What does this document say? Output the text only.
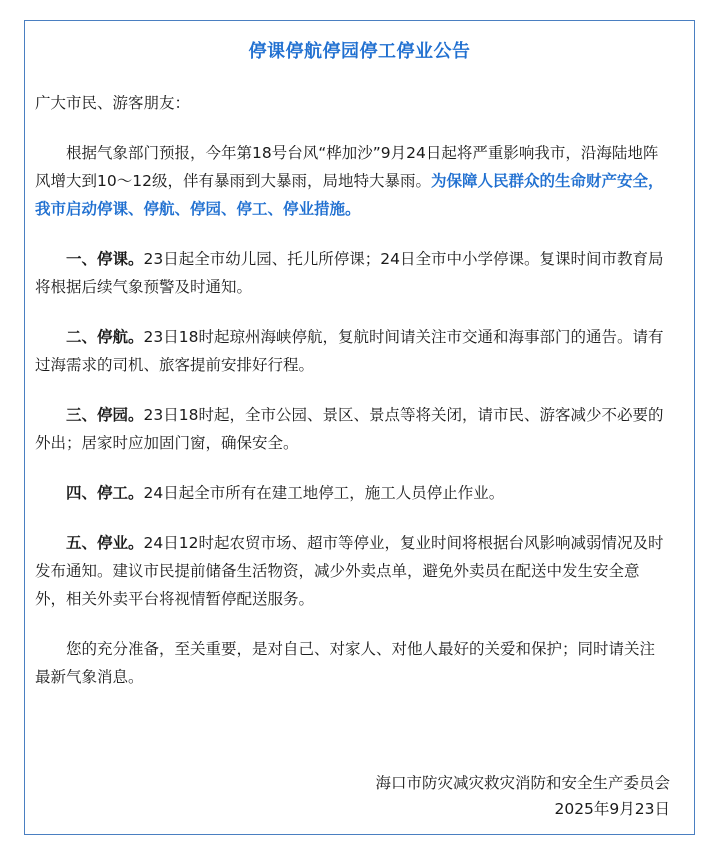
停课停航停园停工停业公告

广大市民、游客朋友：

根据气象部门预报，今年第18号台风“桦加沙”9月24日起将严重影响我市，沿海陆地阵风增大到10～12级，伴有暴雨到大暴雨，局地特大暴雨。为保障人民群众的生命财产安全，我市启动停课、停航、停园、停工、停业措施。

一、停课。23日起全市幼儿园、托儿所停课；24日全市中小学停课。复课时间市教育局将根据后续气象预警及时通知。

二、停航。23日18时起琼州海峡停航，复航时间请关注市交通和海事部门的通告。请有过海需求的司机、旅客提前安排好行程。

三、停园。23日18时起，全市公园、景区、景点等将关闭，请市民、游客减少不必要的外出；居家时应加固门窗，确保安全。

四、停工。24日起全市所有在建工地停工，施工人员停止作业。

五、停业。24日12时起农贸市场、超市等停业，复业时间将根据台风影响减弱情况及时发布通知。建议市民提前储备生活物资，减少外卖点单，避免外卖员在配送中发生安全意外，相关外卖平台将视情暂停配送服务。

您的充分准备，至关重要，是对自己、对家人、对他人最好的关爱和保护；同时请关注最新气象消息。

海口市防灾减灾救灾消防和安全生产委员会
2025年9月23日
